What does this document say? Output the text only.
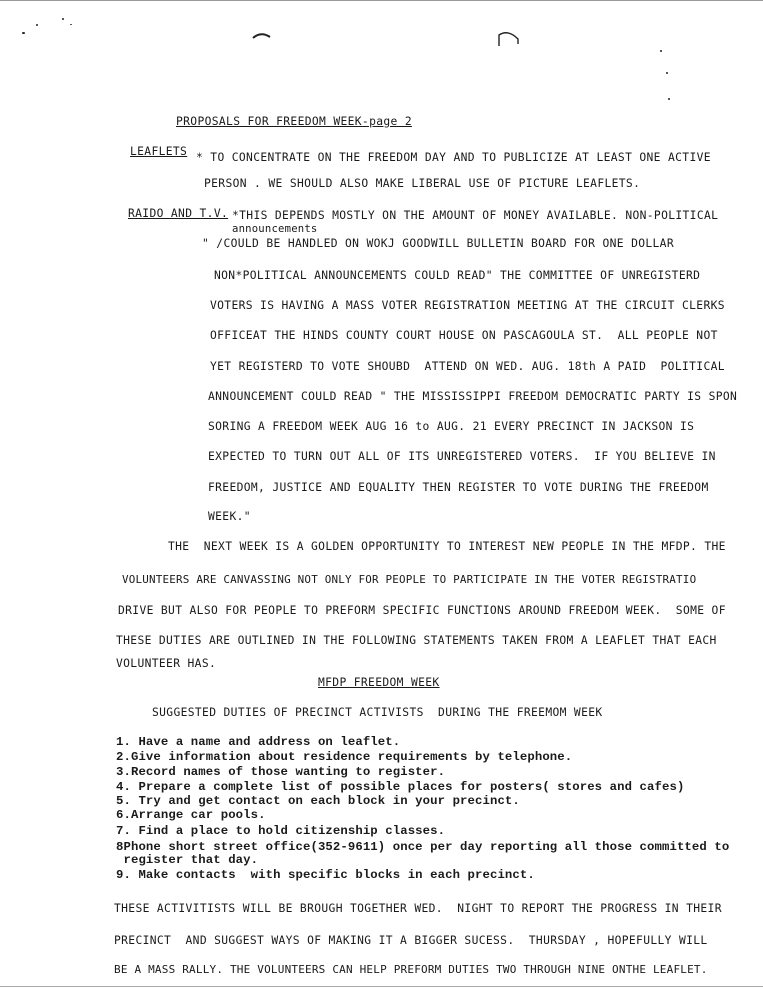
PROPOSALS FOR FREEDOM WEEK-page 2
LEAFLETS * TO CONCENTRATE ON THE FREEDOM DAY AND TO PUBLICIZE AT LEAST ONE ACTIVE
PERSON . WE SHOULD ALSO MAKE LIBERAL USE OF PICTURE LEAFLETS.
RAIDO AND T.V. *THIS DEPENDS MOSTLY ON THE AMOUNT OF MONEY AVAILABLE. NON-POLITICAL
announcements
" /COULD BE HANDLED ON WOKJ GOODWILL BULLETIN BOARD FOR ONE DOLLAR
NON*POLITICAL ANNOUNCEMENTS COULD READ" THE COMMITTEE OF UNREGISTERD
VOTERS IS HAVING A MASS VOTER REGISTRATION MEETING AT THE CIRCUIT CLERKS
OFFICEAT THE HINDS COUNTY COURT HOUSE ON PASCAGOULA ST.  ALL PEOPLE NOT
YET REGISTERD TO VOTE SHOUBD  ATTEND ON WED. AUG. 18th A PAID  POLITICAL
ANNOUNCEMENT COULD READ " THE MISSISSIPPI FREEDOM DEMOCRATIC PARTY IS SPON
SORING A FREEDOM WEEK AUG 16 to AUG. 21 EVERY PRECINCT IN JACKSON IS
EXPECTED TO TURN OUT ALL OF ITS UNREGISTERED VOTERS.  IF YOU BELIEVE IN
FREEDOM, JUSTICE AND EQUALITY THEN REGISTER TO VOTE DURING THE FREEDOM
WEEK."
THE  NEXT WEEK IS A GOLDEN OPPORTUNITY TO INTEREST NEW PEOPLE IN THE MFDP. THE
VOLUNTEERS ARE CANVASSING NOT ONLY FOR PEOPLE TO PARTICIPATE IN THE VOTER REGISTRATIO
DRIVE BUT ALSO FOR PEOPLE TO PREFORM SPECIFIC FUNCTIONS AROUND FREEDOM WEEK.  SOME OF
THESE DUTIES ARE OUTLINED IN THE FOLLOWING STATEMENTS TAKEN FROM A LEAFLET THAT EACH
VOLUNTEER HAS.
MFDP FREEDOM WEEK
SUGGESTED DUTIES OF PRECINCT ACTIVISTS  DURING THE FREEMOM WEEK
1. Have a name and address on leaflet.
2.Give information about residence requirements by telephone.
3.Record names of those wanting to register.
4. Prepare a complete list of possible places for posters( stores and cafes)
5. Try and get contact on each block in your precinct.
6.Arrange car pools.
7. Find a place to hold citizenship classes.
8Phone short street office(352-9611) once per day reporting all those committed to
register that day.
9. Make contacts  with specific blocks in each precinct.
THESE ACTIVITISTS WILL BE BROUGH TOGETHER WED.  NIGHT TO REPORT THE PROGRESS IN THEIR
PRECINCT  AND SUGGEST WAYS OF MAKING IT A BIGGER SUCESS.  THURSDAY , HOPEFULLY WILL
BE A MASS RALLY. THE VOLUNTEERS CAN HELP PREFORM DUTIES TWO THROUGH NINE ONTHE LEAFLET.
